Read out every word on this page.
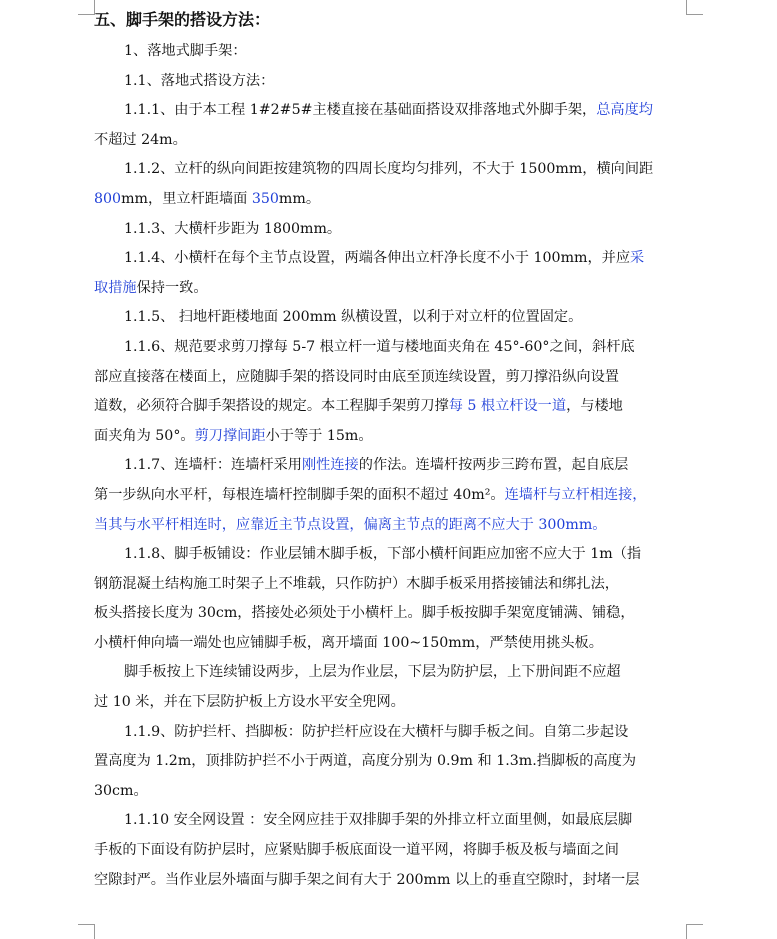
五、脚手架的搭设方法：

1、落地式脚手架：

1.1、落地式搭设方法：

1.1.1、由于本工程 1#2#5#主楼直接在基础面搭设双排落地式外脚手架，总高度均
不超过 24m。
1.1.2、立杆的纵向间距按建筑物的四周长度均匀排列，不大于 1500mm，横向间距
800mm，里立杆距墙面 350mm。
1.1.3、大横杆步距为 1800mm。
1.1.4、小横杆在每个主节点设置，两端各伸出立杆净长度不小于 100mm，并应采
取措施保持一致。
1.1.5、 扫地杆距楼地面 200mm 纵横设置，以利于对立杆的位置固定。
1.1.6、规范要求剪刀撑每 5-7 根立杆一道与楼地面夹角在 45°-60°之间，斜杆底
部应直接落在楼面上，应随脚手架的搭设同时由底至顶连续设置，剪刀撑沿纵向设置
道数，必须符合脚手架搭设的规定。本工程脚手架剪刀撑每 5 根立杆设一道，与楼地
面夹角为 50°。剪刀撑间距小于等于 15m。
1.1.7、连墙杆：连墙杆采用刚性连接的作法。连墙杆按两步三跨布置，起自底层
第一步纵向水平杆，每根连墙杆控制脚手架的面积不超过 40m²。连墙杆与立杆相连接，
当其与水平杆相连时，应靠近主节点设置，偏离主节点的距离不应大于 300mm。
1.1.8、脚手板铺设：作业层铺木脚手板，下部小横杆间距应加密不应大于 1m（指
钢筋混凝土结构施工时架子上不堆载，只作防护）木脚手板采用搭接铺法和绑扎法，
板头搭接长度为 30cm，搭接处必须处于小横杆上。脚手板按脚手架宽度铺满、铺稳，
小横杆伸向墙一端处也应铺脚手板，离开墙面 100~150mm，严禁使用挑头板。
脚手板按上下连续铺设两步，上层为作业层，下层为防护层，上下册间距不应超
过 10 米，并在下层防护板上方设水平安全兜网。
1.1.9、防护拦杆、挡脚板：防护拦杆应设在大横杆与脚手板之间。自第二步起设
置高度为 1.2m，顶排防护拦不小于两道，高度分别为 0.9m 和 1.3m.挡脚板的高度为
30cm。
1.1.10 安全网设置 ：安全网应挂于双排脚手架的外排立杆立面里侧，如最底层脚
手板的下面设有防护层时，应紧贴脚手板底面设一道平网，将脚手板及板与墙面之间
空隙封严。当作业层外墙面与脚手架之间有大于 200mm 以上的垂直空隙时，封堵一层
